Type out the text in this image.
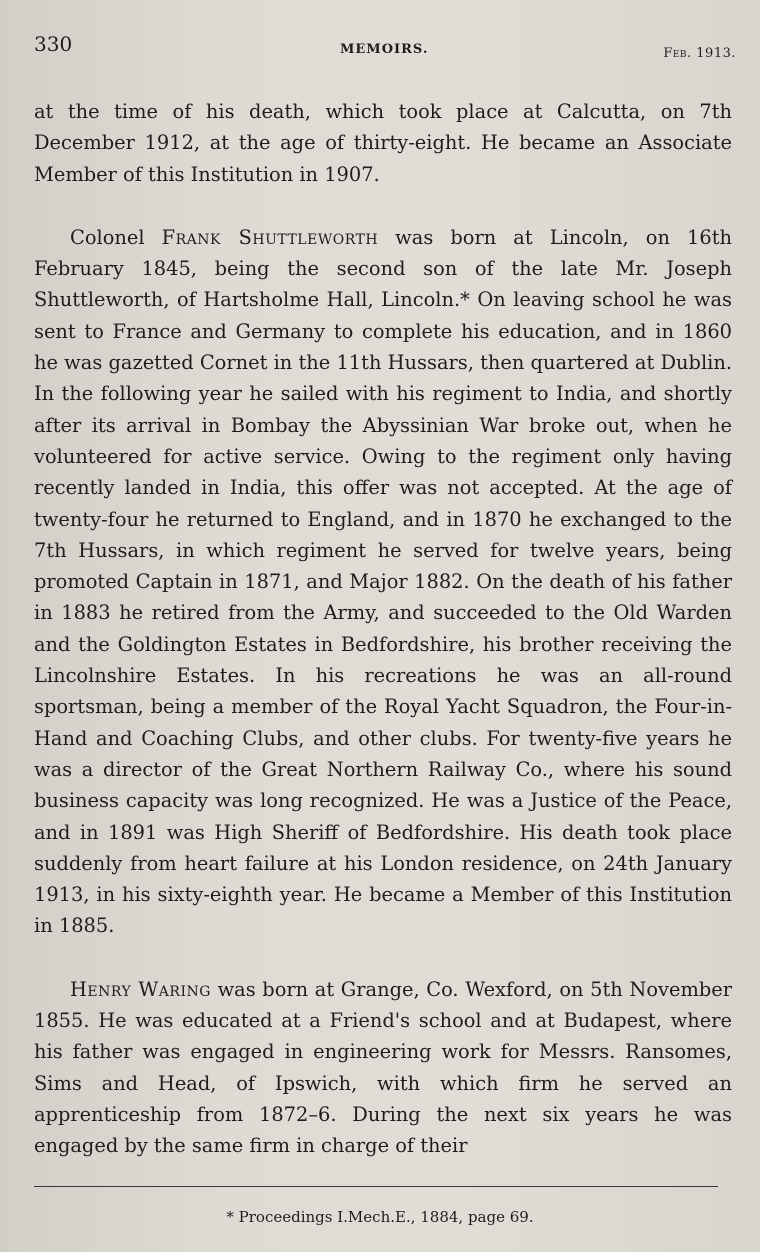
330	MEMOIRS.	Feb. 1913.

at the time of his death, which took place at Calcutta, on 7th December 1912, at the age of thirty-eight. He became an Associate Member of this Institution in 1907.

Colonel Frank Shuttleworth was born at Lincoln, on 16th February 1845, being the second son of the late Mr. Joseph Shuttleworth, of Hartsholme Hall, Lincoln.* On leaving school he was sent to France and Germany to complete his education, and in 1860 he was gazetted Cornet in the 11th Hussars, then quartered at Dublin. In the following year he sailed with his regiment to India, and shortly after its arrival in Bombay the Abyssinian War broke out, when he volunteered for active service. Owing to the regiment only having recently landed in India, this offer was not accepted. At the age of twenty-four he returned to England, and in 1870 he exchanged to the 7th Hussars, in which regiment he served for twelve years, being promoted Captain in 1871, and Major 1882. On the death of his father in 1883 he retired from the Army, and succeeded to the Old Warden and the Goldington Estates in Bedfordshire, his brother receiving the Lincolnshire Estates. In his recreations he was an all-round sportsman, being a member of the Royal Yacht Squadron, the Four-in-Hand and Coaching Clubs, and other clubs. For twenty-five years he was a director of the Great Northern Railway Co., where his sound business capacity was long recognized. He was a Justice of the Peace, and in 1891 was High Sheriff of Bedfordshire. His death took place suddenly from heart failure at his London residence, on 24th January 1913, in his sixty-eighth year. He became a Member of this Institution in 1885.

Henry Waring was born at Grange, Co. Wexford, on 5th November 1855. He was educated at a Friend's school and at Budapest, where his father was engaged in engineering work for Messrs. Ransomes, Sims and Head, of Ipswich, with which firm he served an apprenticeship from 1872–6. During the next six years he was engaged by the same firm in charge of their

* Proceedings I.Mech.E., 1884, page 69.
